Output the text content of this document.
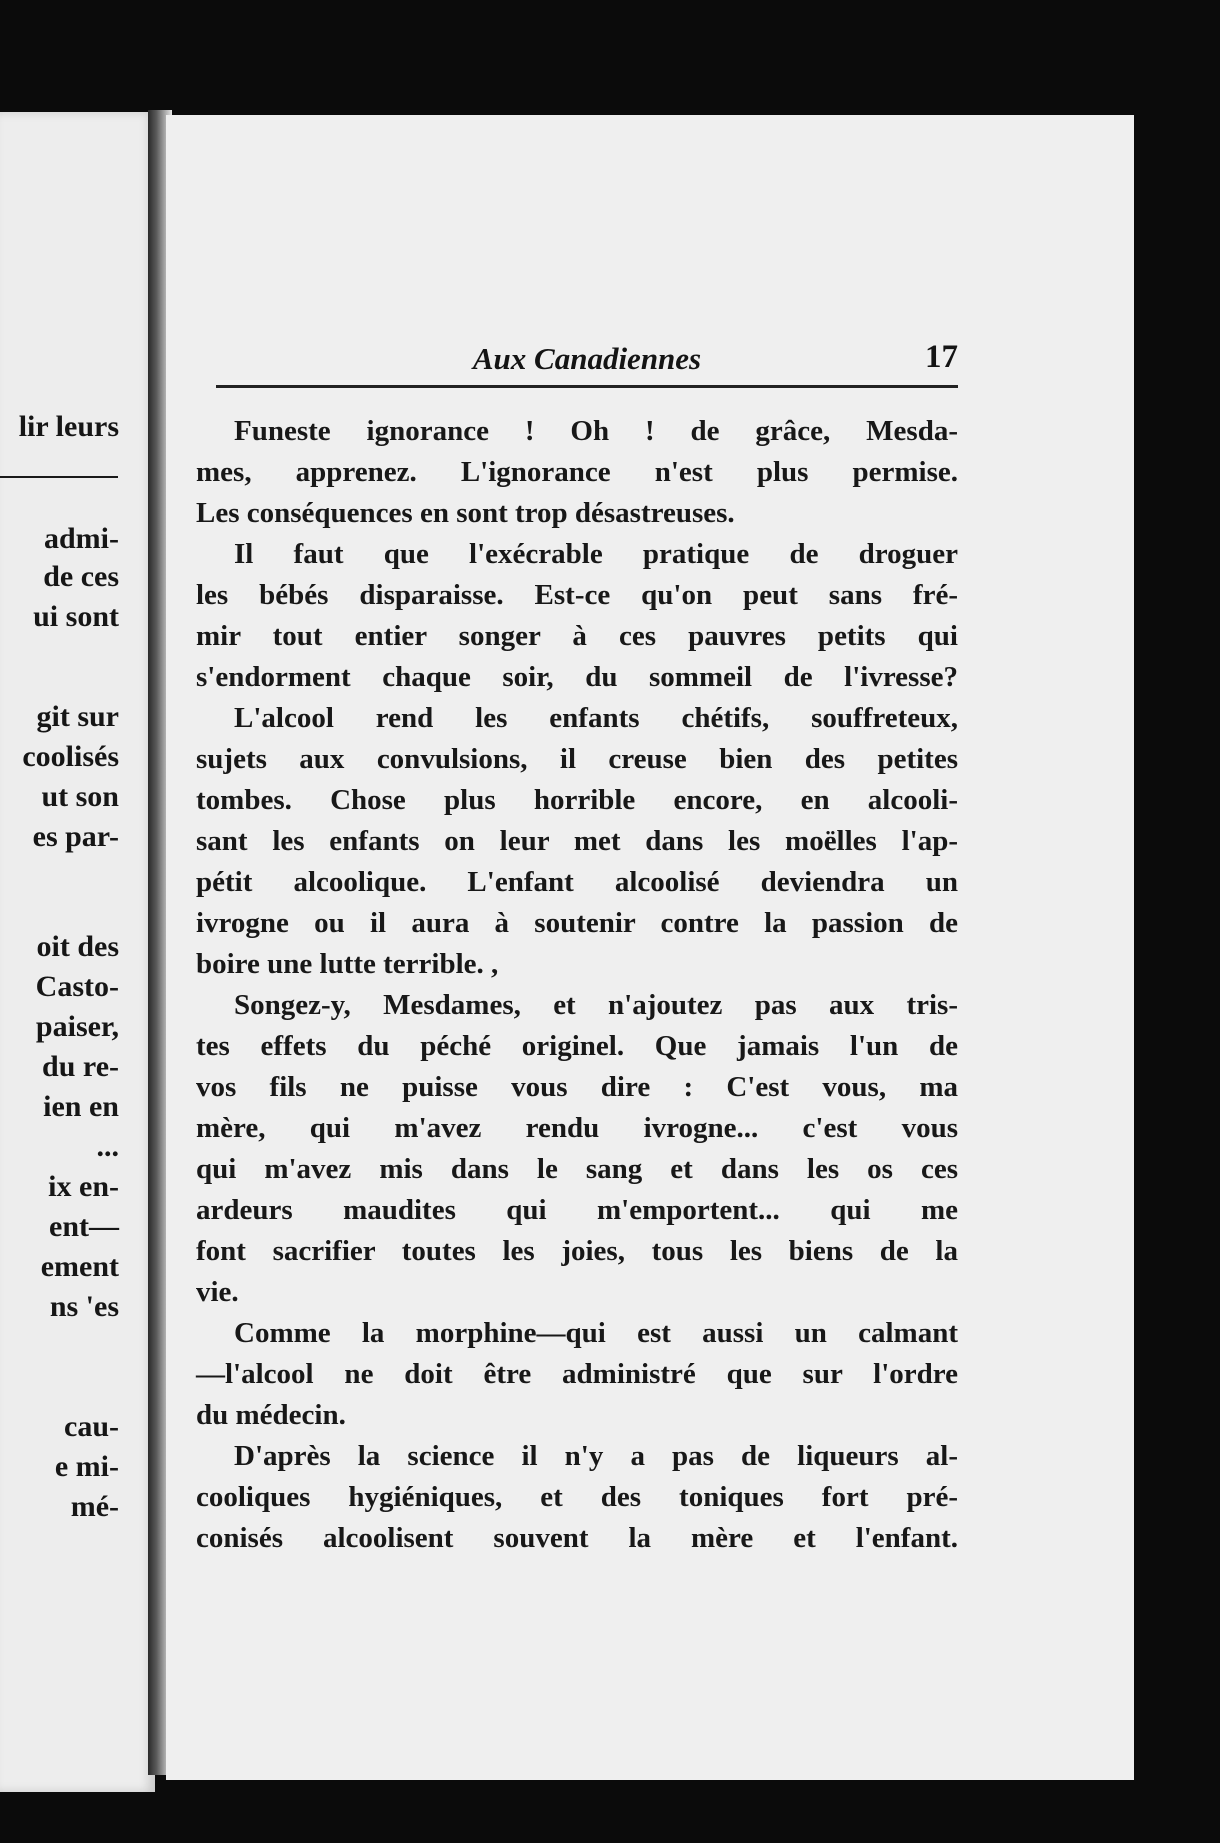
lir leurs
admi-
de ces
ui sont
git sur
coolisés
ut son
es par-
oit des
Casto-
paiser,
du re-
ien en
...
ix en-
ent—
ement
ns 'es
cau-
e mi-
mé-
Aux Canadiennes	17
Funeste ignorance ! Oh ! de grâce, Mesda-
mes, apprenez. L'ignorance n'est plus permise.
Les conséquences en sont trop désastreuses.
Il faut que l'exécrable pratique de droguer
les bébés disparaisse. Est-ce qu'on peut sans fré-
mir tout entier songer à ces pauvres petits qui
s'endorment chaque soir, du sommeil de l'ivresse?
L'alcool rend les enfants chétifs, souffreteux,
sujets aux convulsions, il creuse bien des petites
tombes. Chose plus horrible encore, en alcooli-
sant les enfants on leur met dans les moëlles l'ap-
pétit alcoolique. L'enfant alcoolisé deviendra un
ivrogne ou il aura à soutenir contre la passion de
boire une lutte terrible. ,
Songez-y, Mesdames, et n'ajoutez pas aux tris-
tes effets du péché originel. Que jamais l'un de
vos fils ne puisse vous dire : C'est vous, ma
mère, qui m'avez rendu ivrogne... c'est vous
qui m'avez mis dans le sang et dans les os ces
ardeurs maudites qui m'emportent... qui me
font sacrifier toutes les joies, tous les biens de la
vie.
Comme la morphine—qui est aussi un calmant
—l'alcool ne doit être administré que sur l'ordre
du médecin.
D'après la science il n'y a pas de liqueurs al-
cooliques hygiéniques, et des toniques fort pré-
conisés alcoolisent souvent la mère et l'enfant.
